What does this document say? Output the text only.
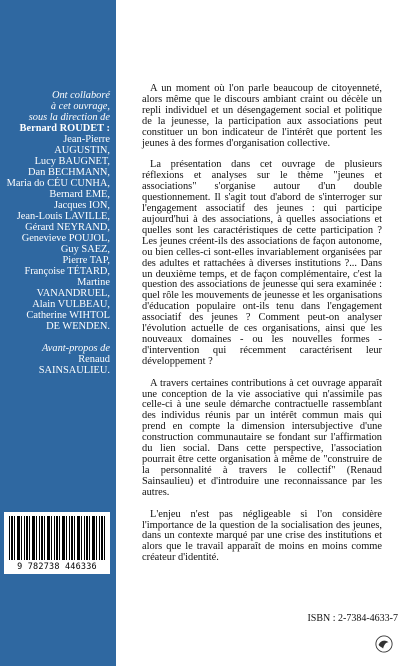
Ont collaboré
à cet ouvrage,
sous la direction de
Bernard ROUDET :
Jean-Pierre AUGUSTIN,
Lucy BAUGNET,
Dan BECHMANN,
Maria do CÉU CUNHA,
Bernard EME,
Jacques ION,
Jean-Louis LAVILLE,
Gérard NEYRAND,
Genevieve POUJOL,
Guy SAEZ,
Pierre TAP,
Françoise TÉTARD,
Martine VANANDRUEL,
Alain VULBEAU,
Catherine WIHTOL
DE WENDEN.
Avant-propos de
Renaud SAINSAULIEU.
9 782738 446336

A un moment où l'on parle beaucoup de citoyenneté, alors même que le discours ambiant craint ou décèle un repli individuel et un désengagement social et politique de la jeunesse, la participation aux associations peut constituer un bon indicateur de l'intérêt que portent les jeunes à des formes d'organisation collective.

La présentation dans cet ouvrage de plusieurs réflexions et analyses sur le thème "jeunes et associations" s'organise autour d'un double questionnement. Il s'agit tout d'abord de s'interroger sur l'engagement associatif des jeunes : qui participe aujourd'hui à des associations, à quelles associations et quelles sont les caractéristiques de cette participation ? Les jeunes créent-ils des associations de façon autonome, ou bien celles-ci sont-elles invariablement organisées par des adultes et rattachées à diverses institutions ?... Dans un deuxième temps, et de façon complémentaire, c'est la question des associations de jeunesse qui sera examinée : quel rôle les mouvements de jeunesse et les organisations d'éducation populaire ont-ils tenu dans l'engagement associatif des jeunes ? Comment peut-on analyser l'évolution actuelle de ces organisations, ainsi que les nouveaux domaines - ou les nouvelles formes - d'intervention qui récemment caractérisent leur développement ?

A travers certaines contributions à cet ouvrage apparaît une conception de la vie associative qui n'assimile pas celle-ci à une seule démarche contractuelle rassemblant des individus réunis par un intérêt commun mais qui prend en compte la dimension intersubjective d'une construction communautaire se fondant sur l'affirmation du lien social. Dans cette perspective, l'association pourrait être cette organisation à même de "construire de la personnalité à travers le collectif" (Renaud Sainsaulieu) et d'introduire une reconnaissance par les autres.

L'enjeu n'est pas négligeable si l'on considère l'importance de la question de la socialisation des jeunes, dans un contexte marqué par une crise des institutions et alors que le travail apparaît de moins en moins comme créateur d'identité.

ISBN : 2-7384-4633-7
